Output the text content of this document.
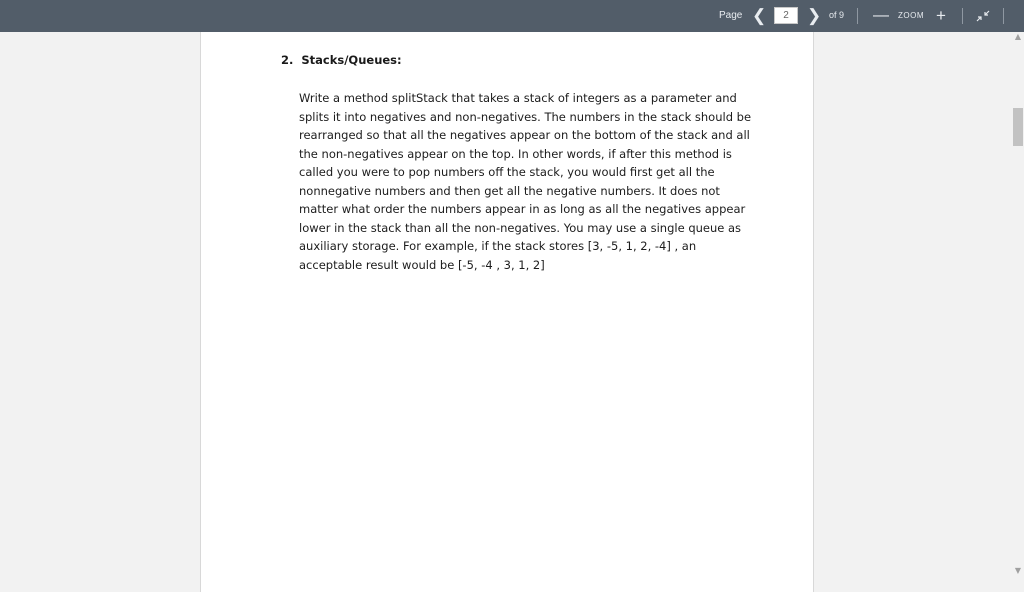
Page ❮
2 ❯ of 9 — ZOOM +
2. Stacks/Queues:

Write a method splitStack that takes a stack of integers as a parameter and
splits it into negatives and non-negatives. The numbers in the stack should be
rearranged so that all the negatives appear on the bottom of the stack and all
the non-negatives appear on the top. In other words, if after this method is
called you were to pop numbers off the stack, you would first get all the
nonnegative numbers and then get all the negative numbers. It does not
matter what order the numbers appear in as long as all the negatives appear
lower in the stack than all the non-negatives. You may use a single queue as
auxiliary storage. For example, if the stack stores [3, -5, 1, 2, -4] , an
acceptable result would be [-5, -4 , 3, 1, 2]

▲
▼
